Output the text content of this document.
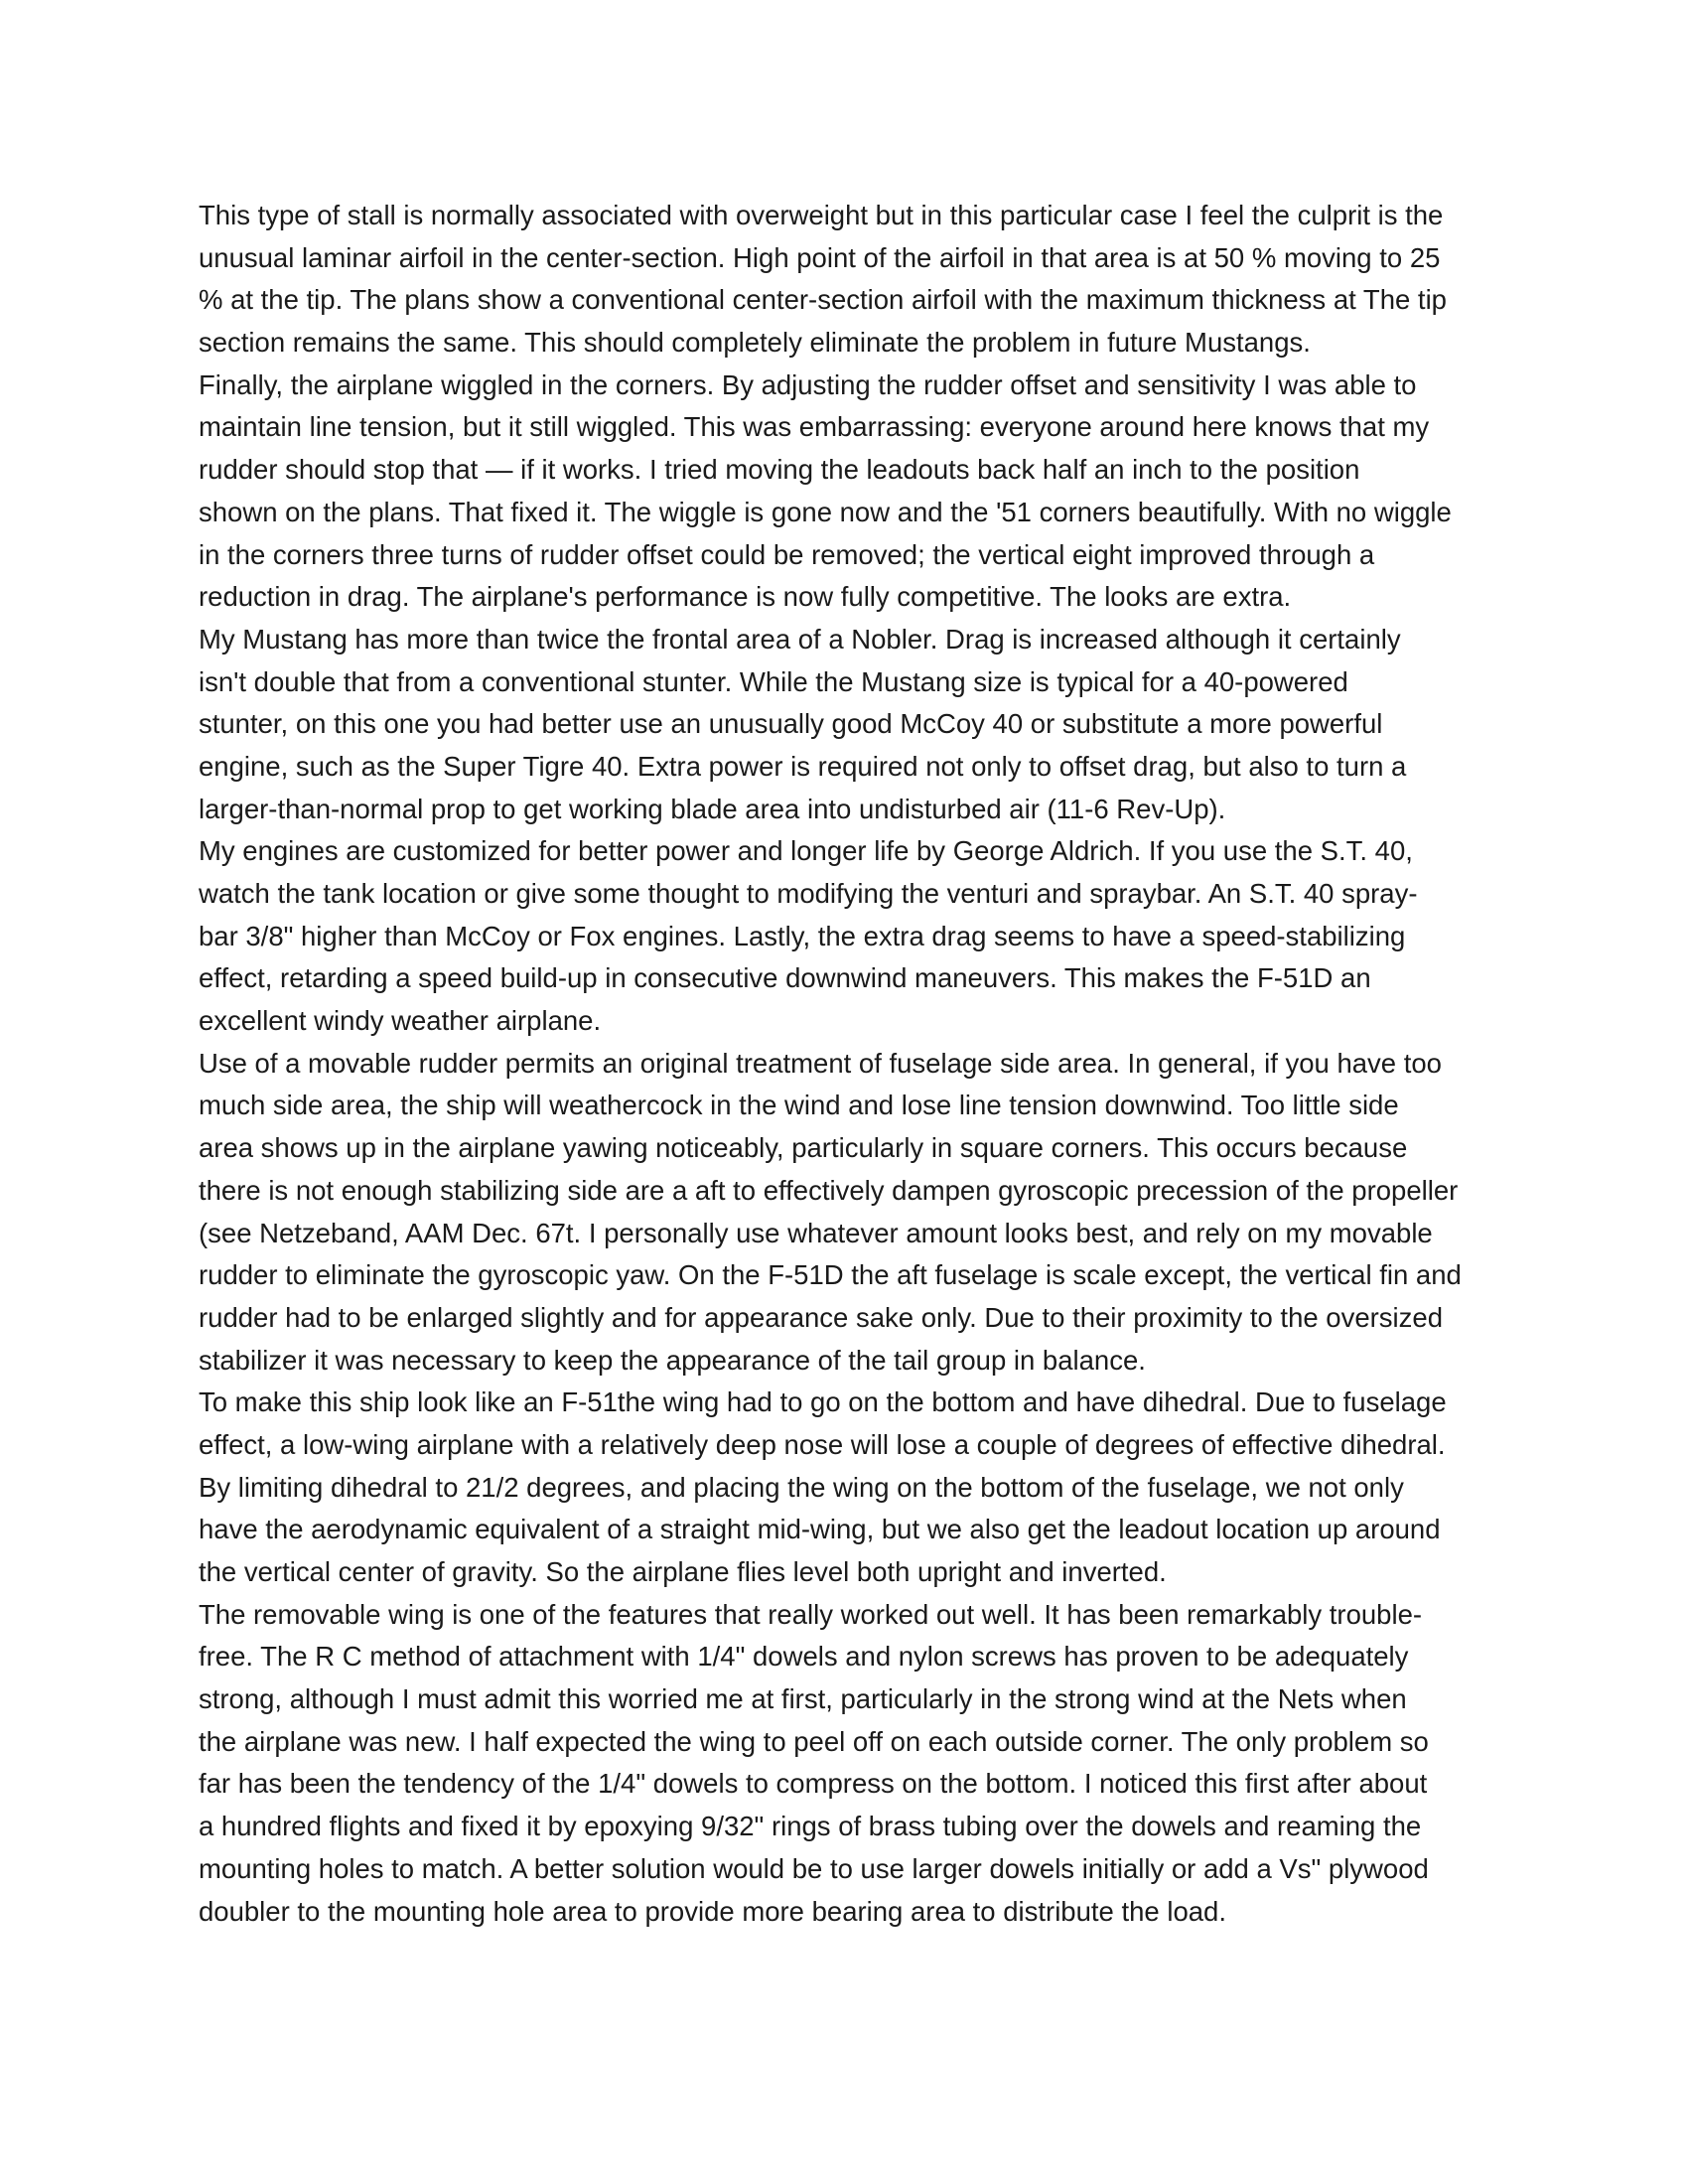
This type of stall is normally associated with overweight but in this particular case I feel the culprit is the
unusual laminar airfoil in the center-section. High point of the airfoil in that area is at 50 % moving to 25
% at the tip. The plans show a conventional center-section airfoil with the maximum thickness at The tip
section remains the same. This should completely eliminate the problem in future Mustangs.
Finally, the airplane wiggled in the corners. By adjusting the rudder offset and sensitivity I was able to
maintain line tension, but it still wiggled. This was embarrassing: everyone around here knows that my
rudder should stop that — if it works. I tried moving the leadouts back half an inch to the position
shown on the plans. That fixed it. The wiggle is gone now and the '51 corners beautifully. With no wiggle
in the corners three turns of rudder offset could be removed; the vertical eight improved through a
reduction in drag. The airplane's performance is now fully competitive. The looks are extra.
My Mustang has more than twice the frontal area of a Nobler. Drag is increased although it certainly
isn't double that from a conventional stunter. While the Mustang size is typical for a 40-powered
stunter, on this one you had better use an unusually good McCoy 40 or substitute a more powerful
engine, such as the Super Tigre 40. Extra power is required not only to offset drag, but also to turn a
larger-than-normal prop to get working blade area into undisturbed air (11-6 Rev-Up).
My engines are customized for better power and longer life by George Aldrich. If you use the S.T. 40,
watch the tank location or give some thought to modifying the venturi and spraybar. An S.T. 40 spray-
bar 3/8" higher than McCoy or Fox engines. Lastly, the extra drag seems to have a speed-stabilizing
effect, retarding a speed build-up in consecutive downwind maneuvers. This makes the F-51D an
excellent windy weather airplane.
Use of a movable rudder permits an original treatment of fuselage side area. In general, if you have too
much side area, the ship will weathercock in the wind and lose line tension downwind. Too little side
area shows up in the airplane yawing noticeably, particularly in square corners. This occurs because
there is not enough stabilizing side are a aft to effectively dampen gyroscopic precession of the propeller
(see Netzeband, AAM Dec. 67t. I personally use whatever amount looks best, and rely on my movable
rudder to eliminate the gyroscopic yaw. On the F-51D the aft fuselage is scale except, the vertical fin and
rudder had to be enlarged slightly and for appearance sake only. Due to their proximity to the oversized
stabilizer it was necessary to keep the appearance of the tail group in balance.
To make this ship look like an F-51the wing had to go on the bottom and have dihedral. Due to fuselage
effect, a low-wing airplane with a relatively deep nose will lose a couple of degrees of effective dihedral.
By limiting dihedral to 21/2 degrees, and placing the wing on the bottom of the fuselage, we not only
have the aerodynamic equivalent of a straight mid-wing, but we also get the leadout location up around
the vertical center of gravity. So the airplane flies level both upright and inverted.
The removable wing is one of the features that really worked out well. It has been remarkably trouble-
free. The R C method of attachment with 1/4" dowels and nylon screws has proven to be adequately
strong, although I must admit this worried me at first, particularly in the strong wind at the Nets when
the airplane was new. I half expected the wing to peel off on each outside corner. The only problem so
far has been the tendency of the 1/4" dowels to compress on the bottom. I noticed this first after about
a hundred flights and fixed it by epoxying 9/32" rings of brass tubing over the dowels and reaming the
mounting holes to match. A better solution would be to use larger dowels initially or add a Vs" plywood
doubler to the mounting hole area to provide more bearing area to distribute the load.
